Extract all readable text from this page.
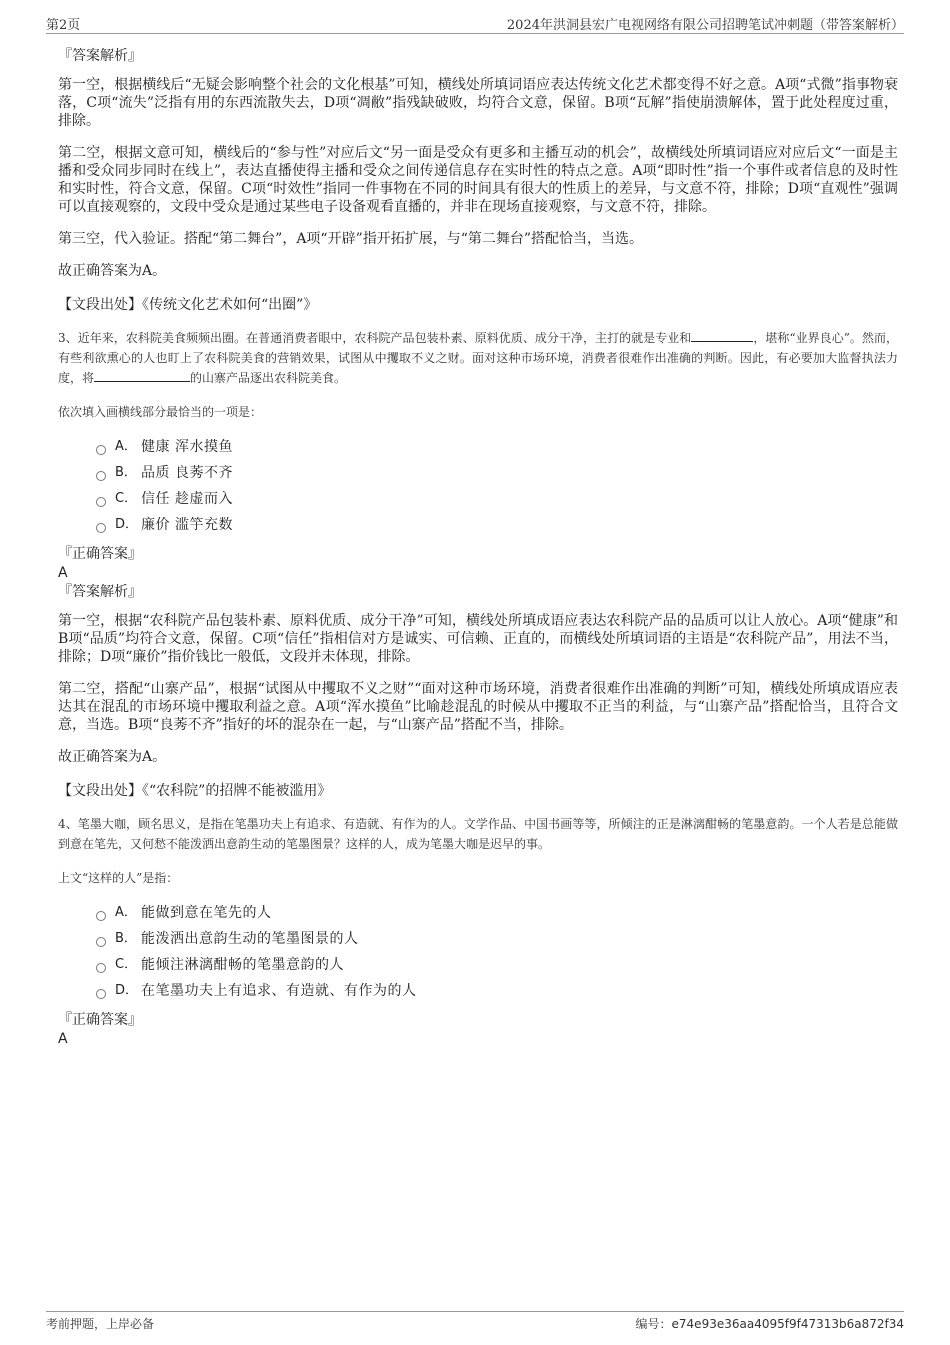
第2页	2024年洪洞县宏广电视网络有限公司招聘笔试冲刺题（带答案解析）
『答案解析』

第一空，根据横线后“无疑会影响整个社会的文化根基”可知，横线处所填词语应表达传统文化艺术都变得不好之意。A项“式微”指事物衰落，C项“流失”泛指有用的东西流散失去，D项“凋敝”指残缺破败，均符合文意，保留。B项“瓦解”指使崩溃解体，置于此处程度过重，排除。

第二空，根据文意可知，横线后的“参与性”对应后文“另一面是受众有更多和主播互动的机会”，故横线处所填词语应对应后文“一面是主播和受众同步同时在线上”，表达直播使得主播和受众之间传递信息存在实时性的特点之意。A项“即时性”指一个事件或者信息的及时性和实时性，符合文意，保留。C项“时效性”指同一件事物在不同的时间具有很大的性质上的差异，与文意不符，排除；D项“直观性”强调可以直接观察的，文段中受众是通过某些电子设备观看直播的，并非在现场直接观察，与文意不符，排除。

第三空，代入验证。搭配“第二舞台”，A项“开辟”指开拓扩展，与“第二舞台”搭配恰当，当选。

故正确答案为A。

【文段出处】《传统文化艺术如何“出圈”》

3、近年来，农科院美食频频出圈。在普通消费者眼中，农科院产品包装朴素、原料优质、成分干净，主打的就是专业和	，堪称“业界良心”。然而，有些利欲熏心的人也盯上了农科院美食的营销效果，试图从中攫取不义之财。面对这种市场环境，消费者很难作出准确的判断。因此，有必要加大监督执法力度，将	的山寨产品逐出农科院美食。

依次填入画横线部分最恰当的一项是：

A． 健康 浑水摸鱼
B． 品质 良莠不齐
C． 信任 趁虚而入
D． 廉价 滥竽充数
『正确答案』
A
『答案解析』

第一空，根据“农科院产品包装朴素、原料优质、成分干净”可知，横线处所填成语应表达农科院产品的品质可以让人放心。A项“健康”和B项“品质”均符合文意，保留。C项“信任”指相信对方是诚实、可信赖、正直的，而横线处所填词语的主语是“农科院产品”，用法不当，排除；D项“廉价”指价钱比一般低，文段并未体现，排除。

第二空，搭配“山寨产品”，根据“试图从中攫取不义之财”“面对这种市场环境，消费者很难作出准确的判断”可知，横线处所填成语应表达其在混乱的市场环境中攫取利益之意。A项“浑水摸鱼”比喻趁混乱的时候从中攫取不正当的利益，与“山寨产品”搭配恰当，且符合文意，当选。B项“良莠不齐”指好的坏的混杂在一起，与“山寨产品”搭配不当，排除。

故正确答案为A。

【文段出处】《“农科院”的招牌不能被滥用》

4、笔墨大咖，顾名思义，是指在笔墨功夫上有追求、有造就、有作为的人。文学作品、中国书画等等，所倾注的正是淋漓酣畅的笔墨意韵。一个人若是总能做到意在笔先，又何愁不能泼洒出意韵生动的笔墨图景？这样的人，成为笔墨大咖是迟早的事。

上文“这样的人”是指：

A． 能做到意在笔先的人
B． 能泼洒出意韵生动的笔墨图景的人
C． 能倾注淋漓酣畅的笔墨意韵的人
D． 在笔墨功夫上有追求、有造就、有作为的人
『正确答案』
A
考前押题，上岸必备	编号：e74e93e36aa4095f9f47313b6a872f34
